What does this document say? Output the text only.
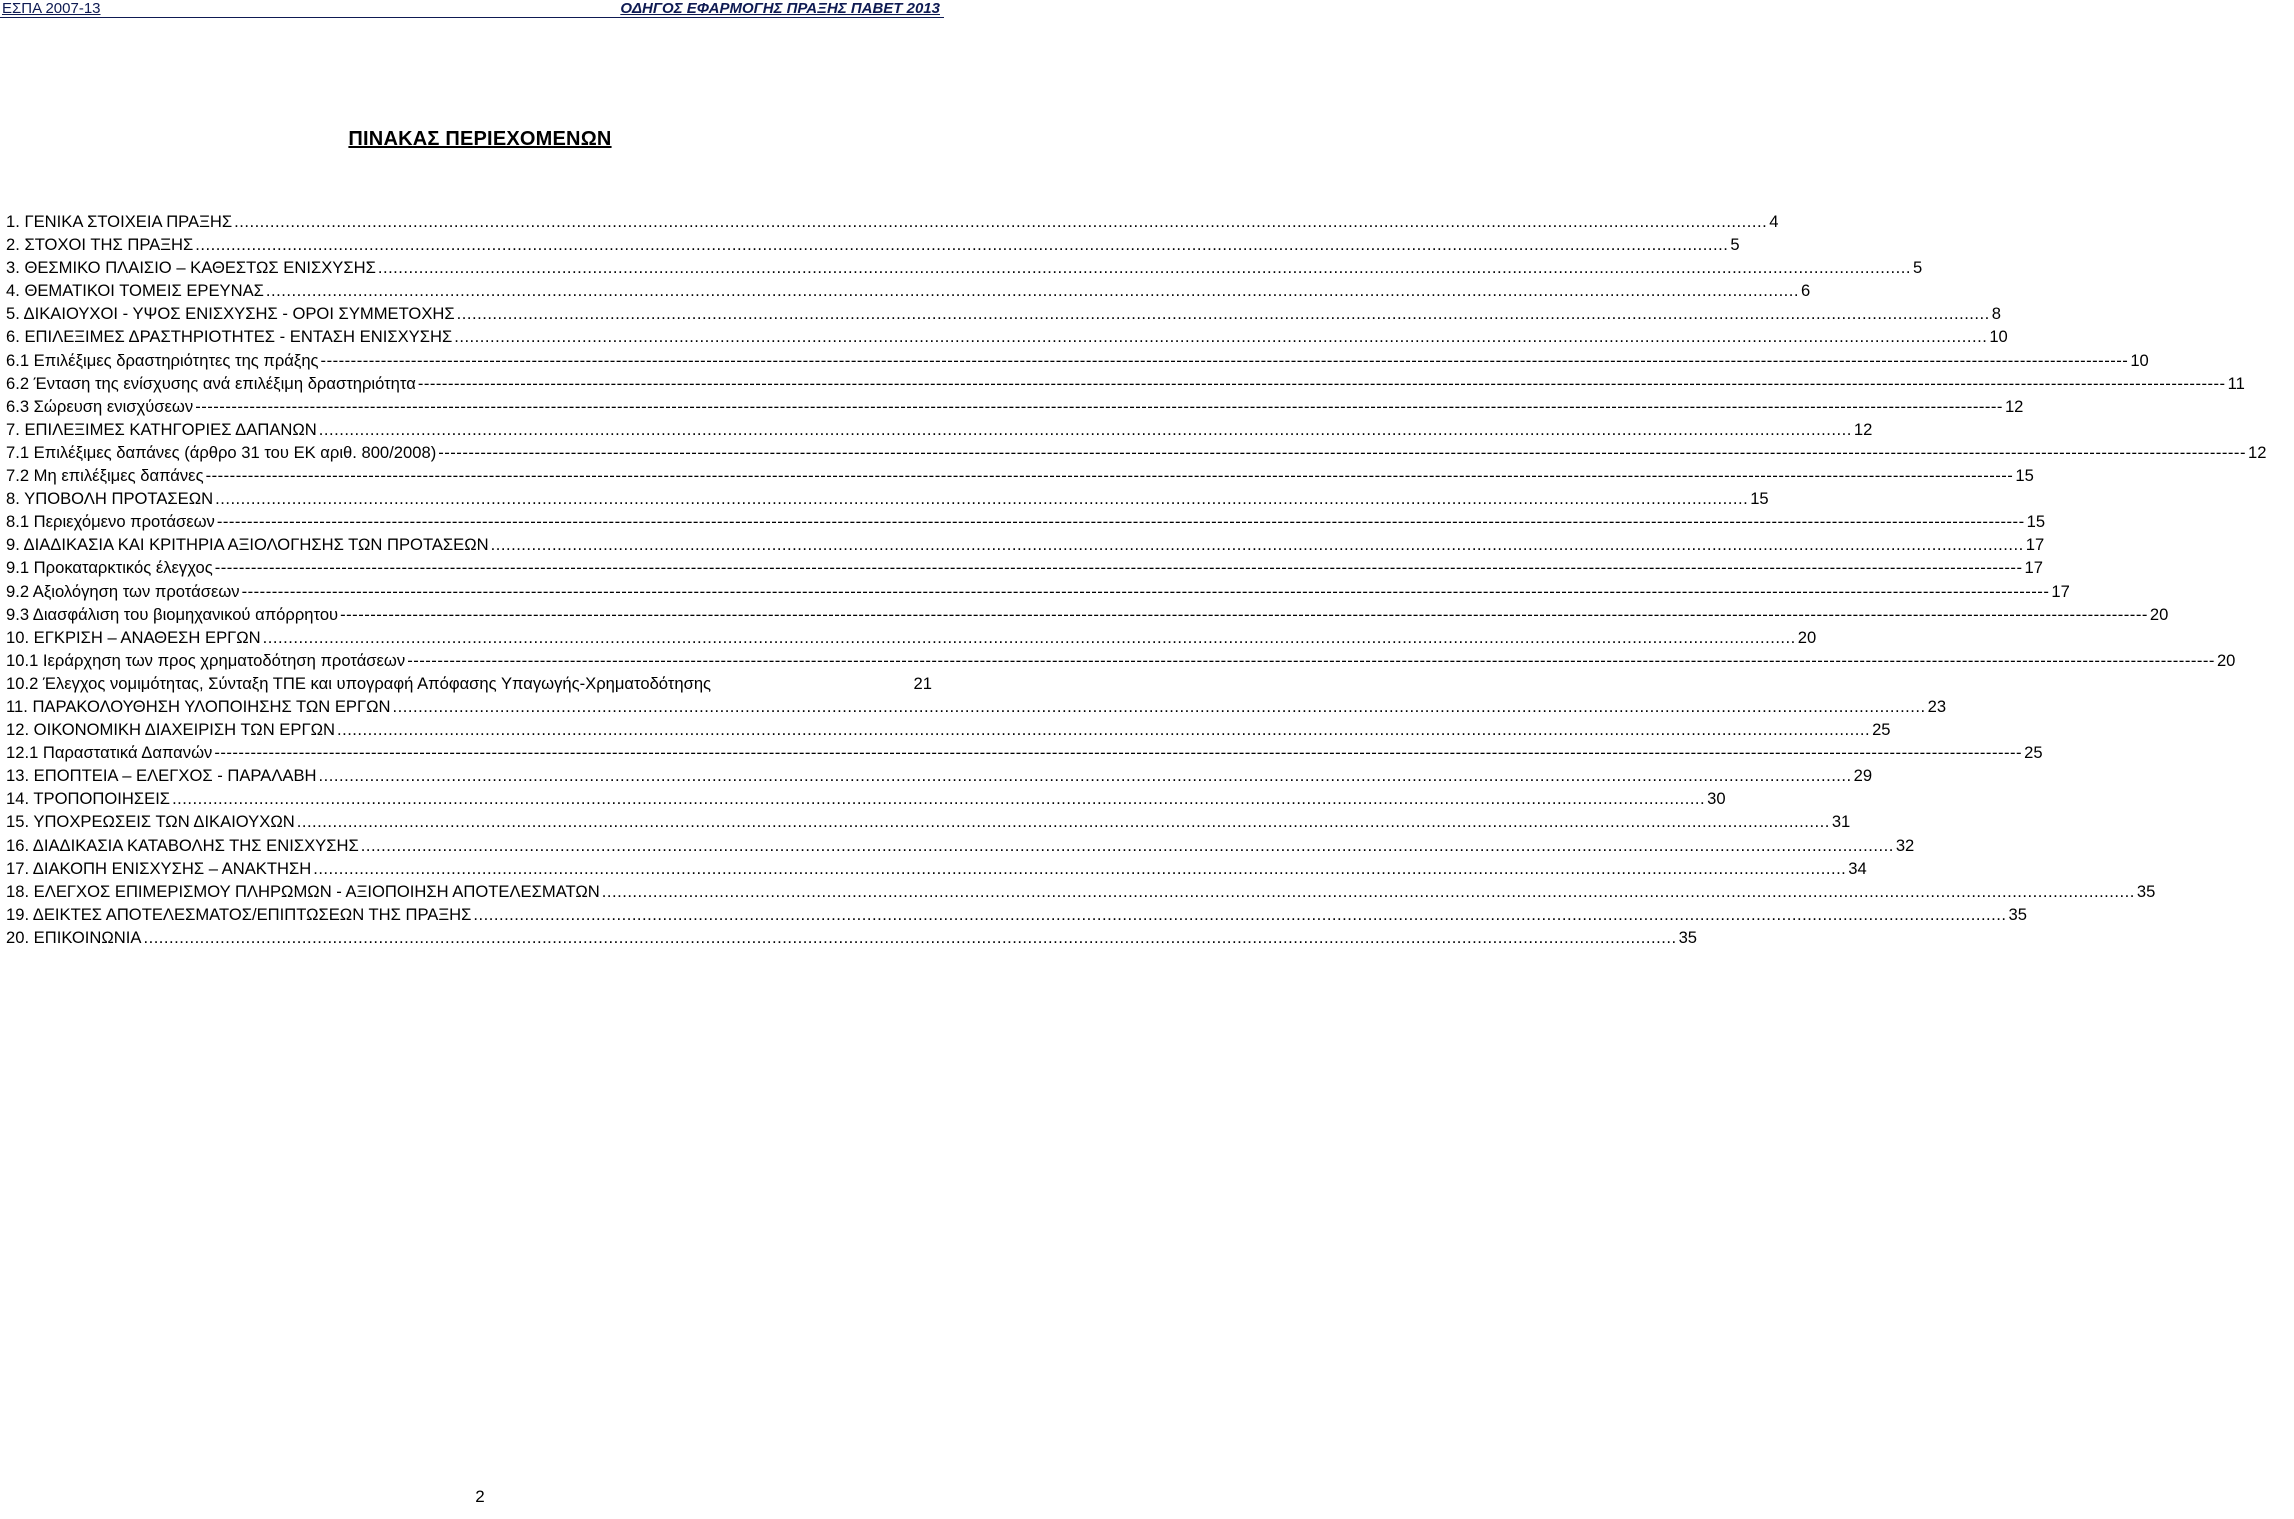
ΕΣΠΑ 2007-13	ΟΔΗΓΟΣ ΕΦΑΡΜΟΓΗΣ ΠΡΑΞΗΣ ΠΑΒΕΤ 2013
ΠΙΝΑΚΑΣ ΠΕΡΙΕΧΟΜΕΝΩΝ
1. ΓΕΝΙΚΑ ΣΤΟΙΧΕΙΑ ΠΡΑΞΗΣ ............................................................................................................................................................................................................................................................................................................ 4
2. ΣΤΟΧΟΙ ΤΗΣ ΠΡΑΞΗΣ ............................................................................................................................................................................................................................................................................................................ 5
3. ΘΕΣΜΙΚΟ ΠΛΑΙΣΙΟ – ΚΑΘΕΣΤΩΣ ΕΝΙΣΧΥΣΗΣ ............................................................................................................................................................................................................................................................................................................ 5
4. ΘΕΜΑΤΙΚΟΙ ΤΟΜΕΙΣ ΕΡΕΥΝΑΣ ............................................................................................................................................................................................................................................................................................................ 6
5. ΔΙΚΑΙΟΥΧΟΙ - ΥΨΟΣ ΕΝΙΣΧΥΣΗΣ - ΟΡΟΙ ΣΥΜΜΕΤΟΧΗΣ ............................................................................................................................................................................................................................................................................................................ 8
6. ΕΠΙΛΕΞΙΜΕΣ ΔΡΑΣΤΗΡΙΟΤΗΤΕΣ - ΕΝΤΑΣΗ ΕΝΙΣΧΥΣΗΣ ............................................................................................................................................................................................................................................................................................................ 10
6.1 Επιλέξιμες δραστηριότητες της πράξης ------------------------------------------------------------------------------------------------------------------------------------------------------------------------------------------------------------------------------------------------------------------------------------------------------------ 10
6.2 Ένταση της ενίσχυσης ανά επιλέξιμη δραστηριότητα ------------------------------------------------------------------------------------------------------------------------------------------------------------------------------------------------------------------------------------------------------------------------------------------------------------ 11
6.3 Σώρευση ενισχύσεων ------------------------------------------------------------------------------------------------------------------------------------------------------------------------------------------------------------------------------------------------------------------------------------------------------------ 12
7. ΕΠΙΛΕΞΙΜΕΣ ΚΑΤΗΓΟΡΙΕΣ ΔΑΠΑΝΩΝ ............................................................................................................................................................................................................................................................................................................ 12
7.1 Επιλέξιμες δαπάνες (άρθρο 31 του ΕΚ αριθ. 800/2008) ------------------------------------------------------------------------------------------------------------------------------------------------------------------------------------------------------------------------------------------------------------------------------------------------------------ 12
7.2 Μη επιλέξιμες δαπάνες ------------------------------------------------------------------------------------------------------------------------------------------------------------------------------------------------------------------------------------------------------------------------------------------------------------ 15
8. ΥΠΟΒΟΛΗ ΠΡΟΤΑΣΕΩΝ ............................................................................................................................................................................................................................................................................................................ 15
8.1 Περιεχόμενο προτάσεων ------------------------------------------------------------------------------------------------------------------------------------------------------------------------------------------------------------------------------------------------------------------------------------------------------------ 15
9. ΔΙΑΔΙΚΑΣΙΑ ΚΑΙ ΚΡΙΤΗΡΙΑ ΑΞΙΟΛΟΓΗΣΗΣ ΤΩΝ ΠΡΟΤΑΣΕΩΝ ............................................................................................................................................................................................................................................................................................................ 17
9.1 Προκαταρκτικός έλεγχος ------------------------------------------------------------------------------------------------------------------------------------------------------------------------------------------------------------------------------------------------------------------------------------------------------------ 17
9.2 Αξιολόγηση των προτάσεων ------------------------------------------------------------------------------------------------------------------------------------------------------------------------------------------------------------------------------------------------------------------------------------------------------------ 17
9.3 Διασφάλιση του βιομηχανικού απόρρητου ------------------------------------------------------------------------------------------------------------------------------------------------------------------------------------------------------------------------------------------------------------------------------------------------------------ 20
10. ΕΓΚΡΙΣΗ – ΑΝΑΘΕΣΗ ΕΡΓΩΝ ............................................................................................................................................................................................................................................................................................................ 20
10.1 Ιεράρχηση των προς χρηματοδότηση προτάσεων ------------------------------------------------------------------------------------------------------------------------------------------------------------------------------------------------------------------------------------------------------------------------------------------------------------ 20
10.2 Έλεγχος νομιμότητας, Σύνταξη ΤΠΕ και υπογραφή Απόφασης Υπαγωγής-Χρηματοδότησης	21
11. ΠΑΡΑΚΟΛΟΥΘΗΣΗ ΥΛΟΠΟΙΗΣΗΣ ΤΩΝ ΕΡΓΩΝ ............................................................................................................................................................................................................................................................................................................ 23
12. ΟΙΚΟΝΟΜΙΚΗ ΔΙΑΧΕΙΡΙΣΗ ΤΩΝ ΕΡΓΩΝ ............................................................................................................................................................................................................................................................................................................ 25
12.1 Παραστατικά Δαπανών ------------------------------------------------------------------------------------------------------------------------------------------------------------------------------------------------------------------------------------------------------------------------------------------------------------ 25
13. ΕΠΟΠΤΕΙΑ – ΕΛΕΓΧΟΣ - ΠΑΡΑΛΑΒΗ ............................................................................................................................................................................................................................................................................................................ 29
14. ΤΡΟΠΟΠΟΙΗΣΕΙΣ ............................................................................................................................................................................................................................................................................................................ 30
15. ΥΠΟΧΡΕΩΣΕΙΣ ΤΩΝ ΔΙΚΑΙΟΥΧΩΝ ............................................................................................................................................................................................................................................................................................................ 31
16. ΔΙΑΔΙΚΑΣΙΑ ΚΑΤΑΒΟΛΗΣ ΤΗΣ ΕΝΙΣΧΥΣΗΣ ............................................................................................................................................................................................................................................................................................................ 32
17. ΔΙΑΚΟΠΗ ΕΝΙΣΧΥΣΗΣ – ΑΝΑΚΤΗΣΗ ............................................................................................................................................................................................................................................................................................................ 34
18. ΕΛΕΓΧΟΣ ΕΠΙΜΕΡΙΣΜΟΥ ΠΛΗΡΩΜΩΝ - ΑΞΙΟΠΟΙΗΣΗ ΑΠΟΤΕΛΕΣΜΑΤΩΝ ............................................................................................................................................................................................................................................................................................................ 35
19. ΔΕΙΚΤΕΣ ΑΠΟΤΕΛΕΣΜΑΤΟΣ/ΕΠΙΠΤΩΣΕΩΝ ΤΗΣ ΠΡΑΞΗΣ ............................................................................................................................................................................................................................................................................................................ 35
20. ΕΠΙΚΟΙΝΩΝΙΑ ............................................................................................................................................................................................................................................................................................................ 35
2
